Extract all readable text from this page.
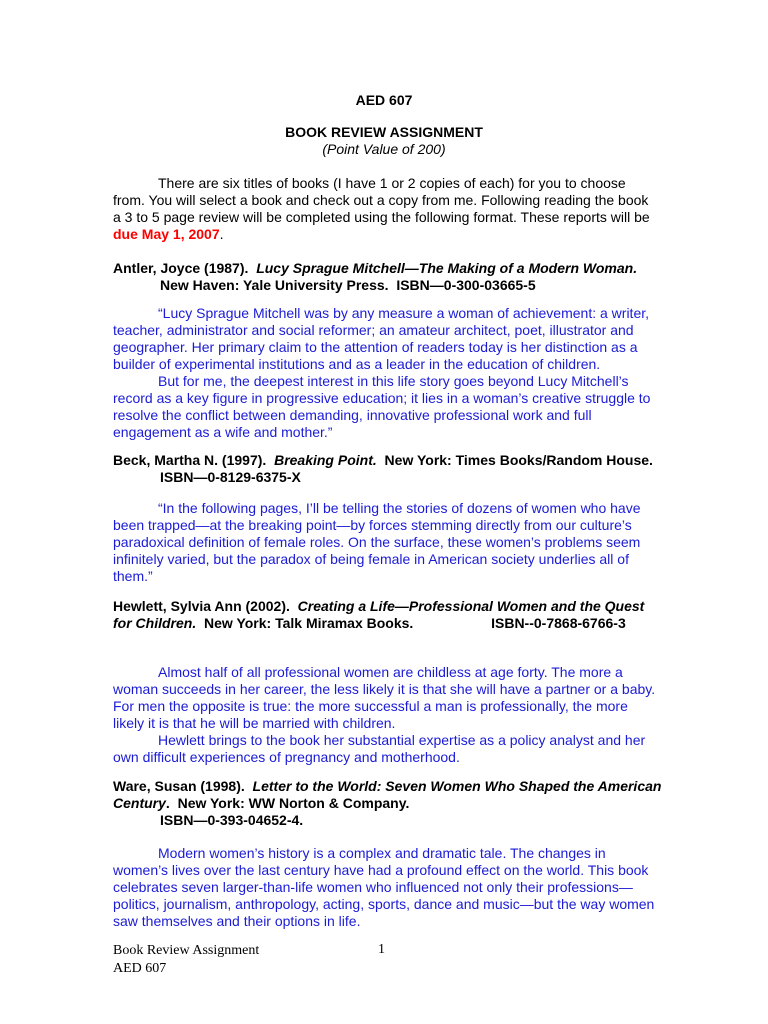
AED 607
BOOK REVIEW ASSIGNMENT
(Point Value of 200)
There are six titles of books (I have 1 or 2 copies of each) for you to choose from. You will select a book and check out a copy from me. Following reading the book a 3 to 5 page review will be completed using the following format. These reports will be due May 1, 2007.
Antler, Joyce (1987). Lucy Sprague Mitchell—The Making of a Modern Woman.
New Haven: Yale University Press. ISBN—0-300-03665-5

“Lucy Sprague Mitchell was by any measure a woman of achievement: a writer, teacher, administrator and social reformer; an amateur architect, poet, illustrator and geographer. Her primary claim to the attention of readers today is her distinction as a builder of experimental institutions and as a leader in the education of children.

But for me, the deepest interest in this life story goes beyond Lucy Mitchell’s record as a key figure in progressive education; it lies in a woman’s creative struggle to resolve the conflict between demanding, innovative professional work and full engagement as a wife and mother.”

Beck, Martha N. (1997). Breaking Point. New York: Times Books/Random House.
ISBN—0-8129-6375-X

“In the following pages, I’ll be telling the stories of dozens of women who have been trapped—at the breaking point—by forces stemming directly from our culture’s paradoxical definition of female roles. On the surface, these women’s problems seem infinitely varied, but the paradox of being female in American society underlies all of them.”

Hewlett, Sylvia Ann (2002). Creating a Life—Professional Women and the Quest for Children. New York: Talk Miramax Books.	ISBN--0-7868-6766-3

Almost half of all professional women are childless at age forty. The more a woman succeeds in her career, the less likely it is that she will have a partner or a baby. For men the opposite is true: the more successful a man is professionally, the more likely it is that he will be married with children.

Hewlett brings to the book her substantial expertise as a policy analyst and her own difficult experiences of pregnancy and motherhood.

Ware, Susan (1998). Letter to the World: Seven Women Who Shaped the American Century. New York: WW Norton & Company.
ISBN—0-393-04652-4.

Modern women’s history is a complex and dramatic tale. The changes in women’s lives over the last century have had a profound effect on the world. This book celebrates seven larger-than-life women who influenced not only their professions—politics, journalism, anthropology, acting, sports, dance and music—but the way women saw themselves and their options in life.

Book Review Assignment
AED 607
1
